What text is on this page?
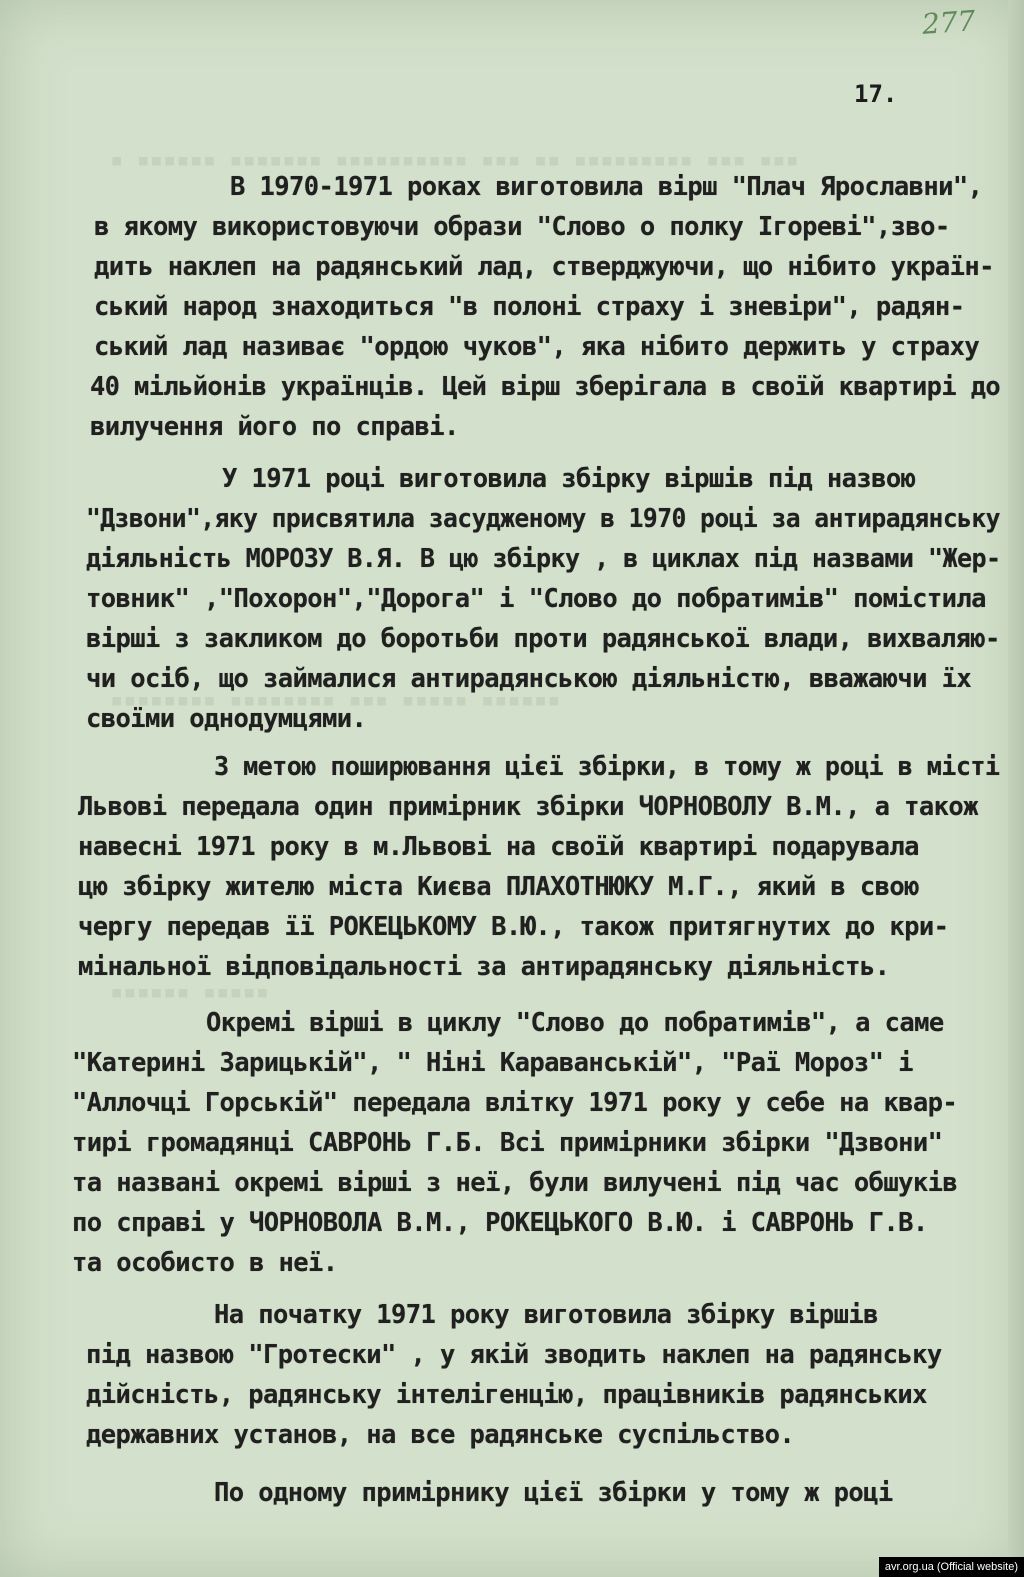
▪ ▪▪▪▪▪▪ ▪▪▪▪▪▪▪ ▪▪▪▪▪▪▪▪▪▪ ▪▪▪ ▪▪ ▪▪▪▪▪▪▪▪▪ ▪▪▪ ▪▪▪
▪▪▪▪▪▪▪▪ ▪▪▪▪▪▪▪▪ ▪▪▪ ▪▪▪▪▪ ▪▪▪▪▪▪
▪▪▪▪▪▪ ▪▪▪▪▪
277
17.
В 1970-1971 роках виготовила вірш "Плач Ярославни",
в якому використовуючи образи "Слово о полку Ігореві",зво-
дить наклеп на радянський лад, стверджуючи, що нібито україн-
ський народ знаходиться "в полоні страху і зневіри", радян-
ський лад називає "ордою чуков", яка нібито держить у страху
40 мільйонів українців. Цей вірш зберігала в своїй квартирі до
вилучення його по справі.
У 1971 році виготовила збірку віршів під назвою
"Дзвони",яку присвятила засудженому в 1970 році за антирадянську
діяльність МОРОЗУ В.Я. В цю збірку , в циклах під назвами "Жер-
товник" ,"Похорон","Дорога" і "Слово до побратимів" помістила
вірші з закликом до боротьби проти радянської влади, вихваляю-
чи осіб, що займалися антирадянською діяльністю, вважаючи їх
своїми однодумцями.
З метою поширювання цієї збірки, в тому ж році в місті
Львові передала один примірник збірки ЧОРНОВОЛУ В.М., а також
навесні 1971 року в м.Львові на своїй квартирі подарувала
цю збірку жителю міста Києва ПЛАХОТНЮКУ М.Г., який в свою
чергу передав її РОКЕЦЬКОМУ В.Ю., також притягнутих до кри-
мінальної відповідальності за антирадянську діяльність.
Окремі вірші в циклу "Слово до побратимів", а саме
"Катерині Зарицькій", " Ніні Караванській", "Раї Мороз" і
"Аллочці Горській" передала влітку 1971 року у себе на квар-
тирі громадянці САВРОНЬ Г.Б. Всі примірники збірки "Дзвони"
та названі окремі вірші з неї, були вилучені під час обшуків
по справі у ЧОРНОВОЛА В.М., РОКЕЦЬКОГО В.Ю. і САВРОНЬ Г.В.
та особисто в неї.
На початку 1971 року виготовила збірку віршів
під назвою "Гротески" , у якій зводить наклеп на радянську
дійсність, радянську інтелігенцію, працівників радянських
державних установ, на все радянське суспільство.
По одному примірнику цієї збірки у тому ж році
avr.org.ua (Official website)
